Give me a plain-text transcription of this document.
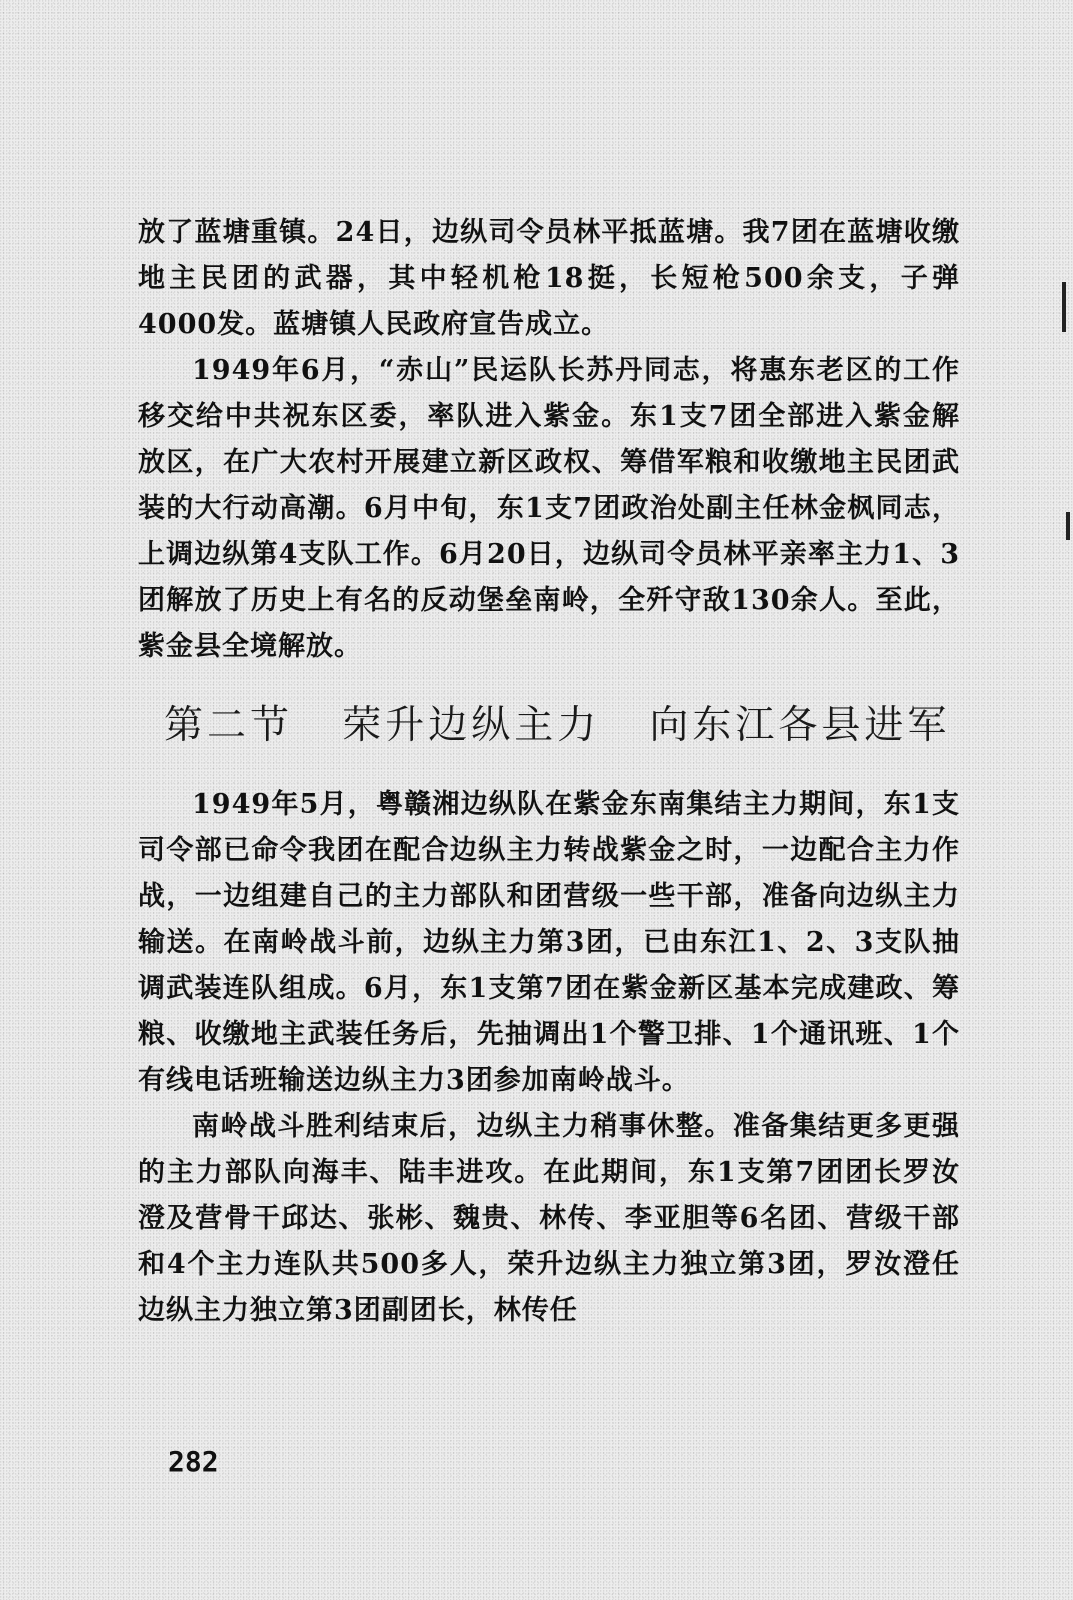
放了蓝塘重镇。24日，边纵司令员林平抵蓝塘。我7团在蓝塘收缴地主民团的武器，其中轻机枪18挺，长短枪500余支，子弹4000发。蓝塘镇人民政府宣告成立。

1949年6月，“赤山”民运队长苏丹同志，将惠东老区的工作移交给中共祝东区委，率队进入紫金。东1支7团全部进入紫金解放区，在广大农村开展建立新区政权、筹借军粮和收缴地主民团武装的大行动高潮。6月中旬，东1支7团政治处副主任林金枫同志，上调边纵第4支队工作。6月20日，边纵司令员林平亲率主力1、3团解放了历史上有名的反动堡垒南岭，全歼守敌130余人。至此，紫金县全境解放。

第二节   荣升边纵主力   向东江各县进军

1949年5月，粤赣湘边纵队在紫金东南集结主力期间，东1支司令部已命令我团在配合边纵主力转战紫金之时，一边配合主力作战，一边组建自己的主力部队和团营级一些干部，准备向边纵主力输送。在南岭战斗前，边纵主力第3团，已由东江1、2、3支队抽调武装连队组成。6月，东1支第7团在紫金新区基本完成建政、筹粮、收缴地主武装任务后，先抽调出1个警卫排、1个通讯班、1个有线电话班输送边纵主力3团参加南岭战斗。

南岭战斗胜利结束后，边纵主力稍事休整。准备集结更多更强的主力部队向海丰、陆丰进攻。在此期间，东1支第7团团长罗汝澄及营骨干邱达、张彬、魏贵、林传、李亚胆等6名团、营级干部和4个主力连队共500多人，荣升边纵主力独立第3团，罗汝澄任边纵主力独立第3团副团长，林传任

282
